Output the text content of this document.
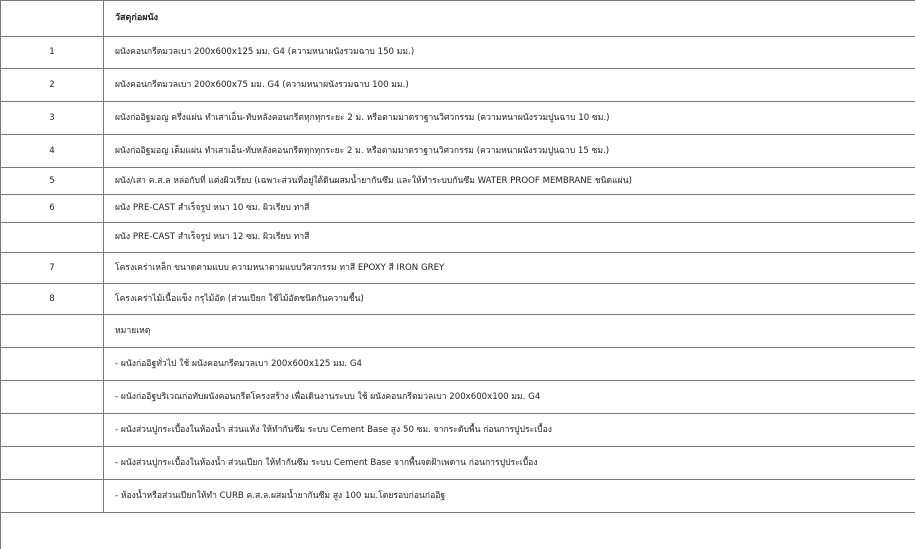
	วัสดุก่อผนัง
1	ผนังคอนกรีตมวลเบา 200x600x125 มม. G4 (ความหนาผนังรวมฉาบ 150 มม.)
2	ผนังคอนกรีตมวลเบา 200x600x75 มม. G4 (ความหนาผนังรวมฉาบ 100 มม.)
3	ผนังก่ออิฐมอญ ครึ่งแผ่น ทำเสาเอ็น-ทับหลังคอนกรีตทุกทุกระยะ 2 ม. หรือตามมาตราฐานวิศวกรรม (ความหนาผนังรวมปูนฉาบ 10 ซม.)
4	ผนังก่ออิฐมอญ เต็มแผ่น ทำเสาเอ็น-ทับหลังคอนกรีตทุกทุกระยะ 2 ม. หรือตามมาตราฐานวิศวกรรม (ความหนาผนังรวมปูนฉาบ 15 ซม.)
5	ผนัง/เสา ค.ส.ล หล่อกับที่ แต่งผิวเรียบ (เฉพาะส่วนที่อยู่ใต้ดินผสมน้ำยากันซึม และให้ทำระบบกันซึม WATER PROOF MEMBRANE ชนิดแผ่น)
6	ผนัง PRE-CAST สำเร็จรูป หนา 10 ซม. ผิวเรียบ ทาสี
	ผนัง PRE-CAST สำเร็จรูป หนา 12 ซม. ผิวเรียบ ทาสี
7	โครงเคร่าเหล็ก ขนาดตามแบบ ความหนาตามแบบวิศวกรรม ทาสี EPOXY สี IRON GREY
8	โครงเคร่าไม้เนื้อแข็ง กรุไม้อัด (ส่วนเปียก ใช้ไม้อัดชนิดกันความชื้น)
	หมายเหตุ
	- ผนังก่ออิฐทั่วไป ใช้ ผนังคอนกรีตมวลเบา 200x600x125 มม. G4
	- ผนังก่ออิฐบริเวณก่อทับผนังคอนกรีตโครงสร้าง เพื่อเดินงานระบบ ใช้ ผนังคอนกรีตมวลเบา 200x600x100 มม. G4
	- ผนังส่วนปูกระเบื้องในห้องน้ำ ส่วนแห้ง ให้ทำกันซึม ระบบ Cement Base สูง 50 ซม. จากระดับพื้น ก่อนการปูประเบื้อง
	- ผนังส่วนปูกระเบื้องในห้องน้ำ ส่วนเปียก ให้ทำกันซึม ระบบ Cement Base จากพื้นจดฝ้าเพดาน ก่อนการปูประเบื้อง
	- ห้องน้ำหรือส่วนเปียกให้ทำ CURB ค.ส.ล.ผสมน้ำยากันซึม สูง 100 มม.โดยรอบก่อนก่ออิฐ
